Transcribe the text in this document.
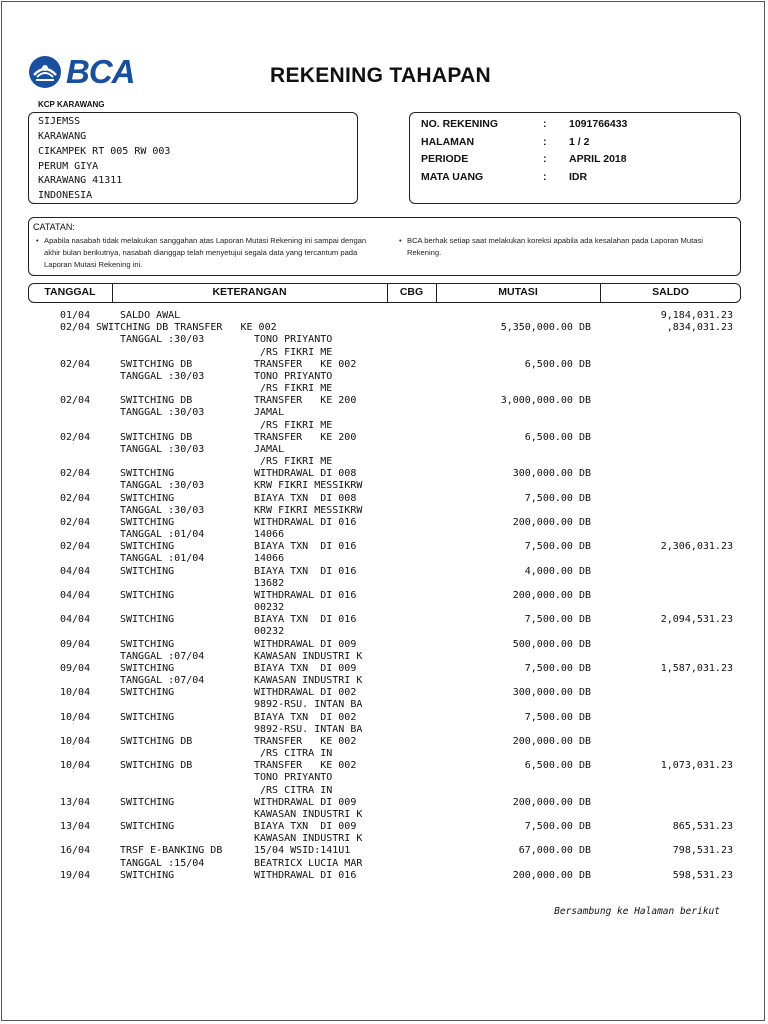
BCA	REKENING TAHAPAN
KCP KARAWANG
SIJEMSS
KARAWANG
CIKAMPEK RT 005 RW 003
PERUM GIYA
KARAWANG 41311
INDONESIA
NO. REKENING	: 1091766433
HALAMAN	: 1 / 2
PERIODE	: APRIL 2018
MATA UANG	: IDR
CATATAN:
• Apabila nasabah tidak melakukan sanggahan atas Laporan Mutasi Rekening ini sampai dengan akhir bulan berikutnya, nasabah dianggap telah menyetujui segala data yang tercantum pada Laporan Mutasi Rekening ini.
• BCA berhak setiap saat melakukan koreksi apabila ada kesalahan pada Laporan Mutasi Rekening.
TANGGAL	KETERANGAN	CBG	MUTASI	SALDO
01/04	SALDO AWAL	9,184,031.23
02/04 SWITCHING DB TRANSFER   KE 002	5,350,000.00 DB	,834,031.23
TANGGAL :30/03	TONO PRIYANTO
/RS FIKRI ME
02/04	SWITCHING DB	TRANSFER   KE 002	6,500.00 DB
TANGGAL :30/03	TONO PRIYANTO
/RS FIKRI ME
02/04	SWITCHING DB	TRANSFER   KE 200	3,000,000.00 DB
TANGGAL :30/03	JAMAL
/RS FIKRI ME
02/04	SWITCHING DB	TRANSFER   KE 200	6,500.00 DB
TANGGAL :30/03	JAMAL
/RS FIKRI ME
02/04	SWITCHING	WITHDRAWAL DI 008	300,000.00 DB
TANGGAL :30/03	KRW FIKRI MESSIKRW
02/04	SWITCHING	BIAYA TXN  DI 008	7,500.00 DB
TANGGAL :30/03	KRW FIKRI MESSIKRW
02/04	SWITCHING	WITHDRAWAL DI 016	200,000.00 DB
TANGGAL :01/04	14066
02/04	SWITCHING	BIAYA TXN  DI 016	7,500.00 DB	2,306,031.23
TANGGAL :01/04	14066
04/04	SWITCHING	BIAYA TXN  DI 016	4,000.00 DB
13682
04/04	SWITCHING	WITHDRAWAL DI 016	200,000.00 DB
00232
04/04	SWITCHING	BIAYA TXN  DI 016	7,500.00 DB	2,094,531.23
00232
09/04	SWITCHING	WITHDRAWAL DI 009	500,000.00 DB
TANGGAL :07/04	KAWASAN INDUSTRI K
09/04	SWITCHING	BIAYA TXN  DI 009	7,500.00 DB	1,587,031.23
TANGGAL :07/04	KAWASAN INDUSTRI K
10/04	SWITCHING	WITHDRAWAL DI 002	300,000.00 DB
9892-RSU. INTAN BA
10/04	SWITCHING	BIAYA TXN  DI 002	7,500.00 DB
9892-RSU. INTAN BA
10/04	SWITCHING DB	TRANSFER   KE 002	200,000.00 DB
/RS CITRA IN
10/04	SWITCHING DB	TRANSFER   KE 002	6,500.00 DB	1,073,031.23
TONO PRIYANTO
/RS CITRA IN
13/04	SWITCHING	WITHDRAWAL DI 009	200,000.00 DB
KAWASAN INDUSTRI K
13/04	SWITCHING	BIAYA TXN  DI 009	7,500.00 DB	865,531.23
KAWASAN INDUSTRI K
16/04	TRSF E-BANKING DB	15/04 WSID:141U1	67,000.00 DB	798,531.23
TANGGAL :15/04	BEATRICX LUCIA MAR
19/04	SWITCHING	WITHDRAWAL DI 016	200,000.00 DB	598,531.23
Bersambung ke Halaman berikut
